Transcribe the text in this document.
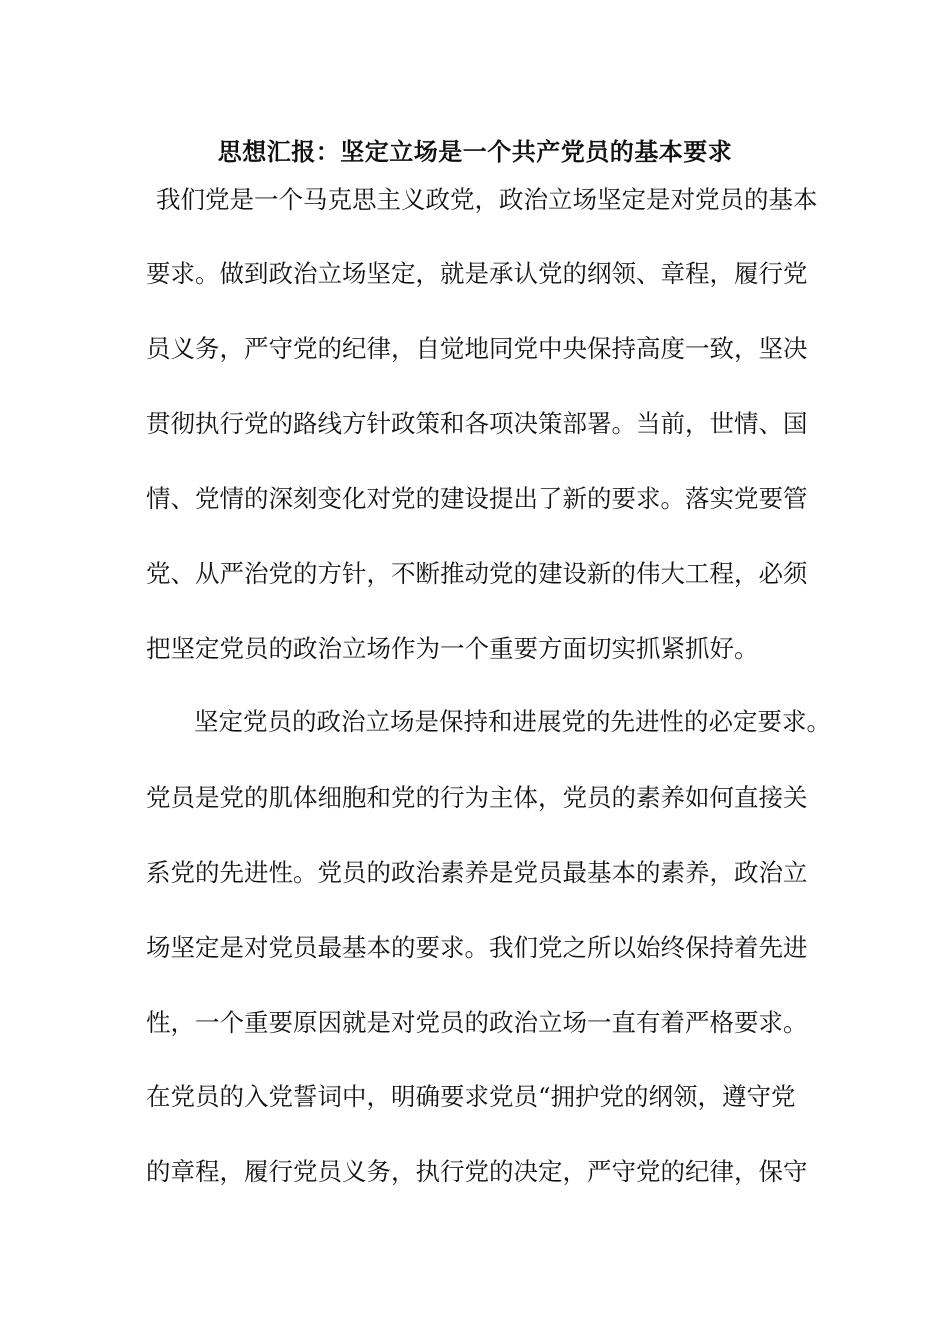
思想汇报：坚定立场是一个共产党员的基本要求
我们党是一个马克思主义政党，政治立场坚定是对党员的基本
要求。做到政治立场坚定，就是承认党的纲领、章程，履行党
员义务，严守党的纪律，自觉地同党中央保持高度一致，坚决
贯彻执行党的路线方针政策和各项决策部署。当前，世情、国
情、党情的深刻变化对党的建设提出了新的要求。落实党要管
党、从严治党的方针，不断推动党的建设新的伟大工程，必须
把坚定党员的政治立场作为一个重要方面切实抓紧抓好。
坚定党员的政治立场是保持和进展党的先进性的必定要求。
党员是党的肌体细胞和党的行为主体，党员的素养如何直接关
系党的先进性。党员的政治素养是党员最基本的素养，政治立
场坚定是对党员最基本的要求。我们党之所以始终保持着先进
性，一个重要原因就是对党员的政治立场一直有着严格要求。
在党员的入党誓词中，明确要求党员“拥护党的纲领，遵守党
的章程，履行党员义务，执行党的决定，严守党的纪律，保守
